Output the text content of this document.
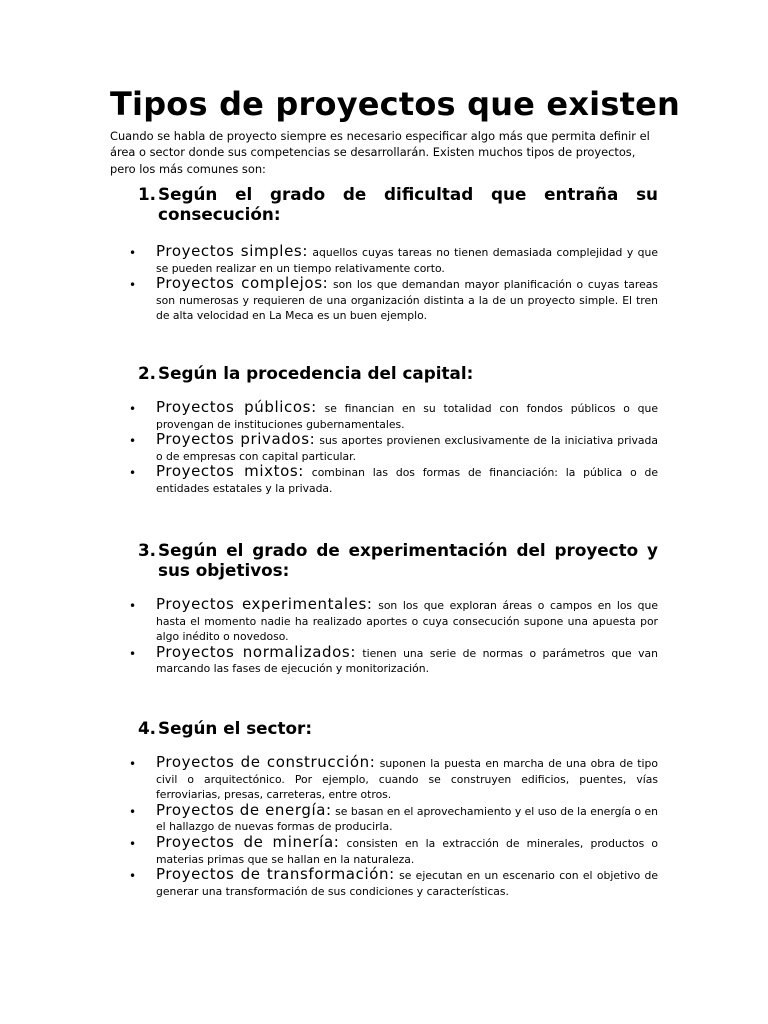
Tipos de proyectos que existen

Cuando se habla de proyecto siempre es necesario especificar algo más que permita definir el área o sector donde sus competencias se desarrollarán. Existen muchos tipos de proyectos, pero los más comunes son:

1. Según el grado de dificultad que entraña su consecución:
• Proyectos simples: aquellos cuyas tareas no tienen demasiada complejidad y que se pueden realizar en un tiempo relativamente corto.
• Proyectos complejos: son los que demandan mayor planificación o cuyas tareas son numerosas y requieren de una organización distinta a la de un proyecto simple. El tren de alta velocidad en La Meca es un buen ejemplo.
2. Según la procedencia del capital:
• Proyectos públicos: se financian en su totalidad con fondos públicos o que provengan de instituciones gubernamentales.
• Proyectos privados: sus aportes provienen exclusivamente de la iniciativa privada o de empresas con capital particular.
• Proyectos mixtos: combinan las dos formas de financiación: la pública o de entidades estatales y la privada.
3. Según el grado de experimentación del proyecto y sus objetivos:
• Proyectos experimentales: son los que exploran áreas o campos en los que hasta el momento nadie ha realizado aportes o cuya consecución supone una apuesta por algo inédito o novedoso.
• Proyectos normalizados: tienen una serie de normas o parámetros que van marcando las fases de ejecución y monitorización.
4. Según el sector:
• Proyectos de construcción: suponen la puesta en marcha de una obra de tipo civil o arquitectónico. Por ejemplo, cuando se construyen edificios, puentes, vías ferroviarias, presas, carreteras, entre otros.
• Proyectos de energía: se basan en el aprovechamiento y el uso de la energía o en el hallazgo de nuevas formas de producirla.
• Proyectos de minería: consisten en la extracción de minerales, productos o materias primas que se hallan en la naturaleza.
• Proyectos de transformación: se ejecutan en un escenario con el objetivo de generar una transformación de sus condiciones y características.
